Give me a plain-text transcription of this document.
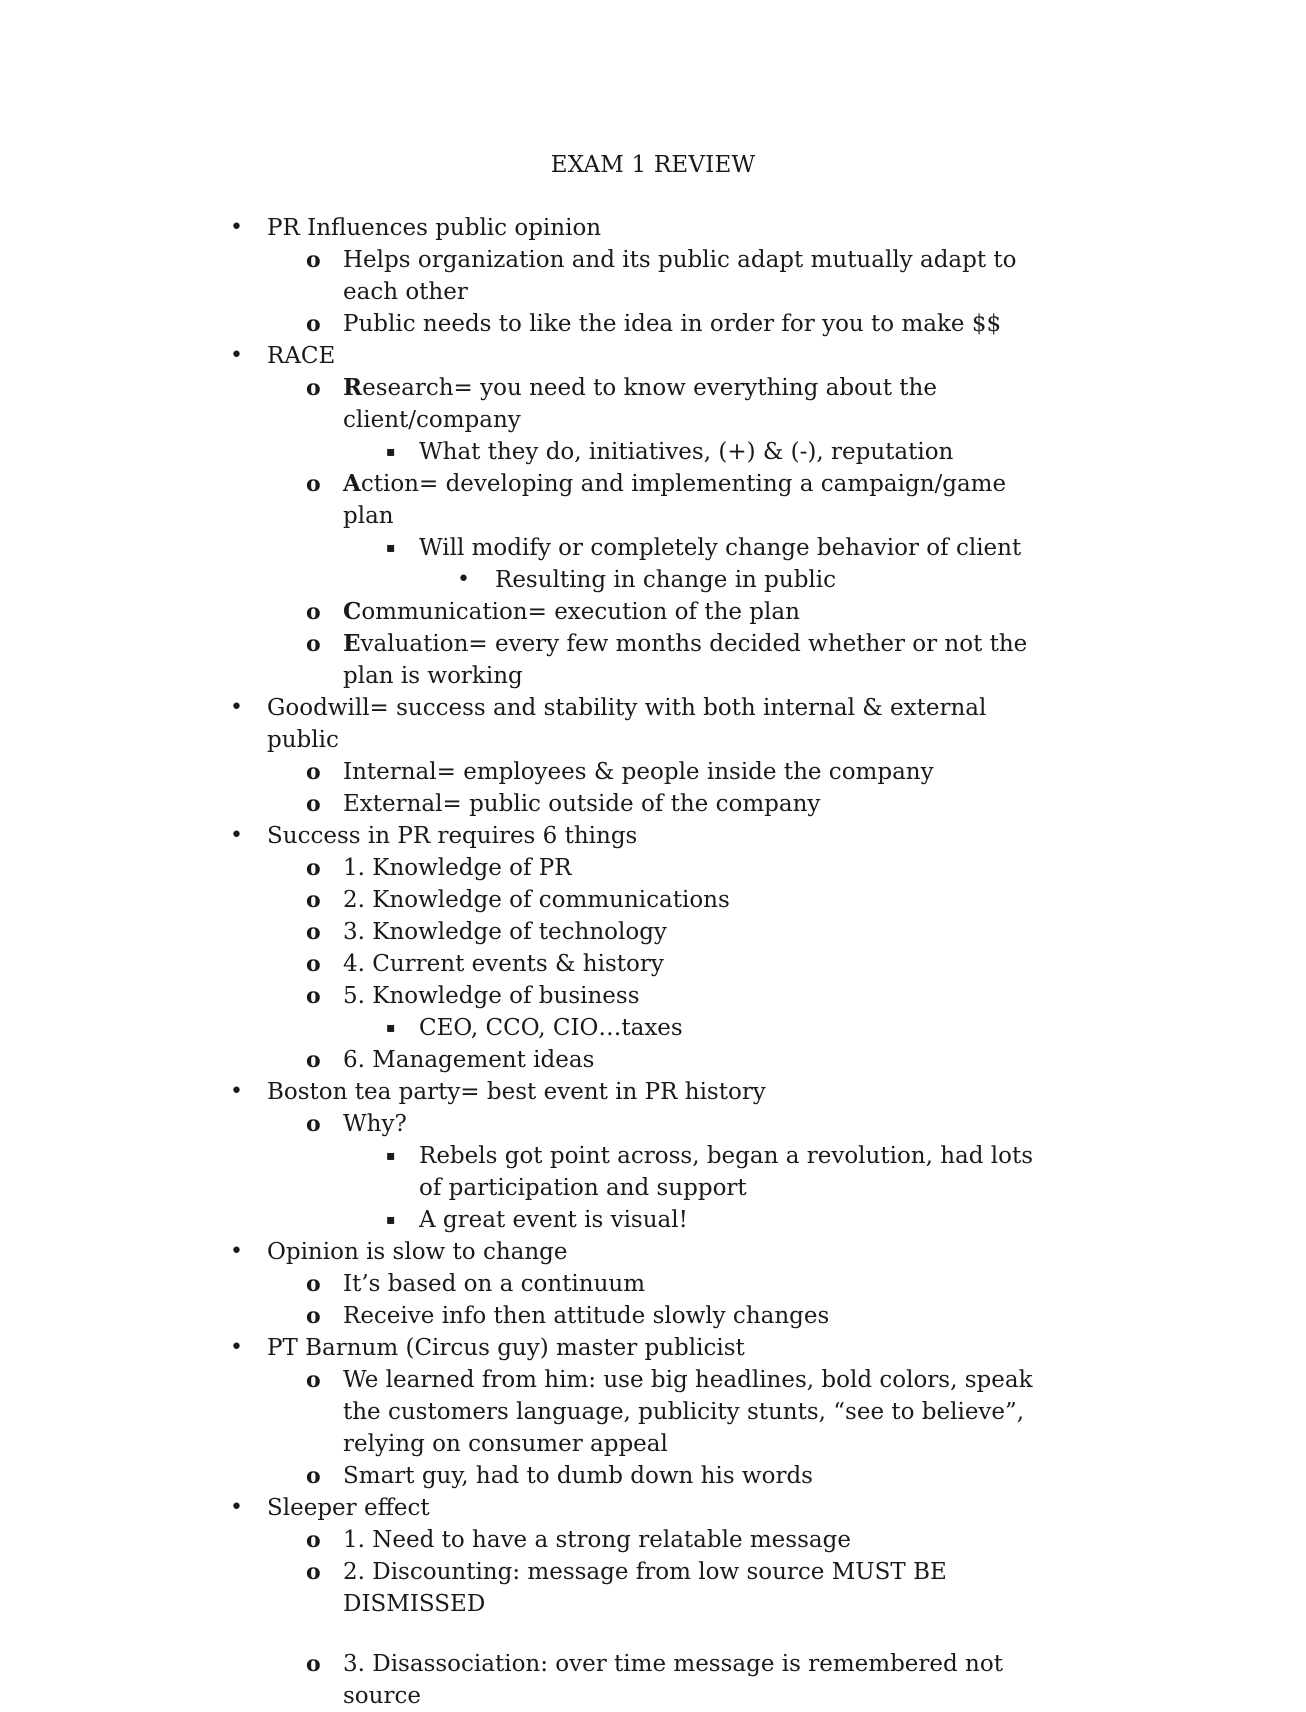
EXAM 1 REVIEW
• PR Influences public opinion
o Helps organization and its public adapt mutually adapt to each other
o Public needs to like the idea in order for you to make $$
• RACE
o Research= you need to know everything about the client/company
▪ What they do, initiatives, (+) & (-), reputation
o Action= developing and implementing a campaign/game plan
▪ Will modify or completely change behavior of client
• Resulting in change in public
o Communication= execution of the plan
o Evaluation= every few months decided whether or not the plan is working
• Goodwill= success and stability with both internal & external public
o Internal= employees & people inside the company
o External= public outside of the company
• Success in PR requires 6 things
o 1. Knowledge of PR
o 2. Knowledge of communications
o 3. Knowledge of technology
o 4. Current events & history
o 5. Knowledge of business
▪ CEO, CCO, CIO…taxes
o 6. Management ideas
• Boston tea party= best event in PR history
o Why?
▪ Rebels got point across, began a revolution, had lots of participation and support
▪ A great event is visual!
• Opinion is slow to change
o It’s based on a continuum
o Receive info then attitude slowly changes
• PT Barnum (Circus guy) master publicist
o We learned from him: use big headlines, bold colors, speak the customers language, publicity stunts, “see to believe”, relying on consumer appeal
o Smart guy, had to dumb down his words
• Sleeper effect
o 1. Need to have a strong relatable message
o 2. Discounting: message from low source MUST BE DISMISSED
o 3. Disassociation: over time message is remembered not source
